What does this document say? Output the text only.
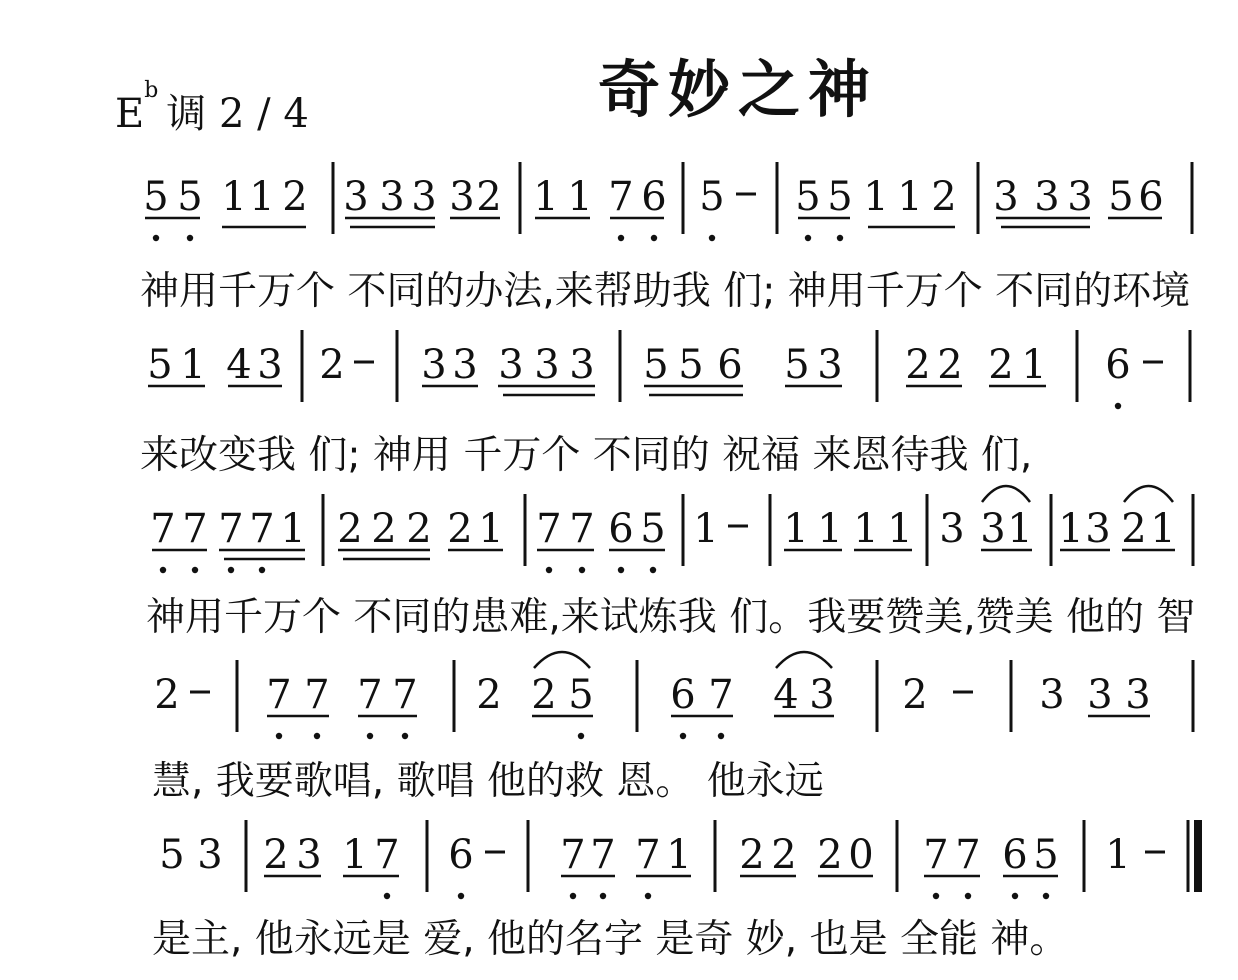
奇妙之神
$E^b$调 2 / 4
5 5 1 1 2 3 3 3 3 2 1 1 7 6 5 5 5 1 1 2 3 3 3 5 6
5 1 4 3 2 3 3 3 3 3 5 5 6 5 3 2 2 2 1 6
7 7 7 7 1 2 2 2 2 1 7 7 6 5 1 1 1 1 1 3 3 1 1 3 2 1
2 7 7 7 7 2 2 5 6 7 4 3 2	3 3 3
5 3 2 3 1 7 6 7 7 7 1 2 2 2 0 7 7 6 5 1
神用千万个 不同的办法,来帮助我 们; 神用千万个 不同的环境
来改变我 们; 神用 千万个 不同的 祝福 来恩待我 们,
神用千万个 不同的患难,来试炼我 们。我要赞美,赞美 他的 智
慧, 我要歌唱, 歌唱 他的救 恩。 他永远
是主, 他永远是 爱, 他的名字 是奇 妙, 也是 全能 神。
